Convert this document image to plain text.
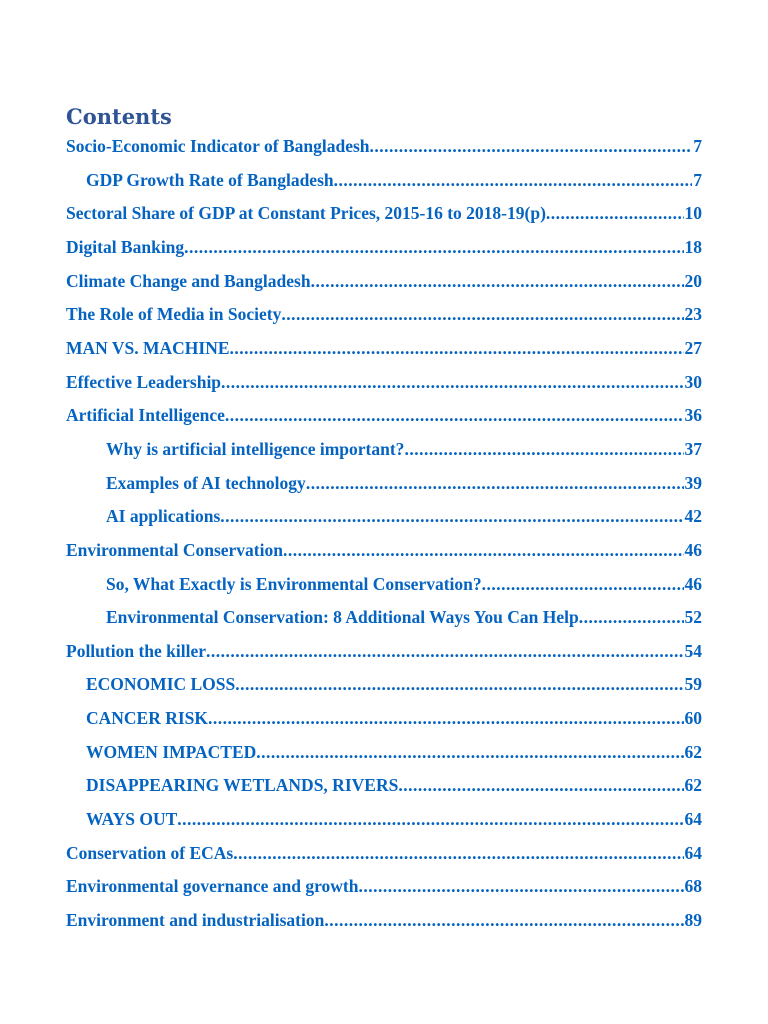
Contents
Socio-Economic Indicator of Bangladesh .....	7
GDP Growth Rate of Bangladesh .....	7
Sectoral Share of GDP at Constant Prices, 2015-16 to 2018-19(p) .....	10
Digital Banking .....	18
Climate Change and Bangladesh .....	20
The Role of Media in Society .....	23
MAN VS. MACHINE .....	27
Effective Leadership .....	30
Artificial Intelligence .....	36
Why is artificial intelligence important? .....	37
Examples of AI technology .....	39
AI applications .....	42
Environmental Conservation .....	46
So, What Exactly is Environmental Conservation? .....	46
Environmental Conservation: 8 Additional Ways You Can Help .....	52
Pollution the killer .....	54
ECONOMIC LOSS .....	59
CANCER RISK .....	60
WOMEN IMPACTED .....	62
DISAPPEARING WETLANDS, RIVERS .....	62
WAYS OUT .....	64
Conservation of ECAs .....	64
Environmental governance and growth .....	68
Environment and industrialisation .....	89
